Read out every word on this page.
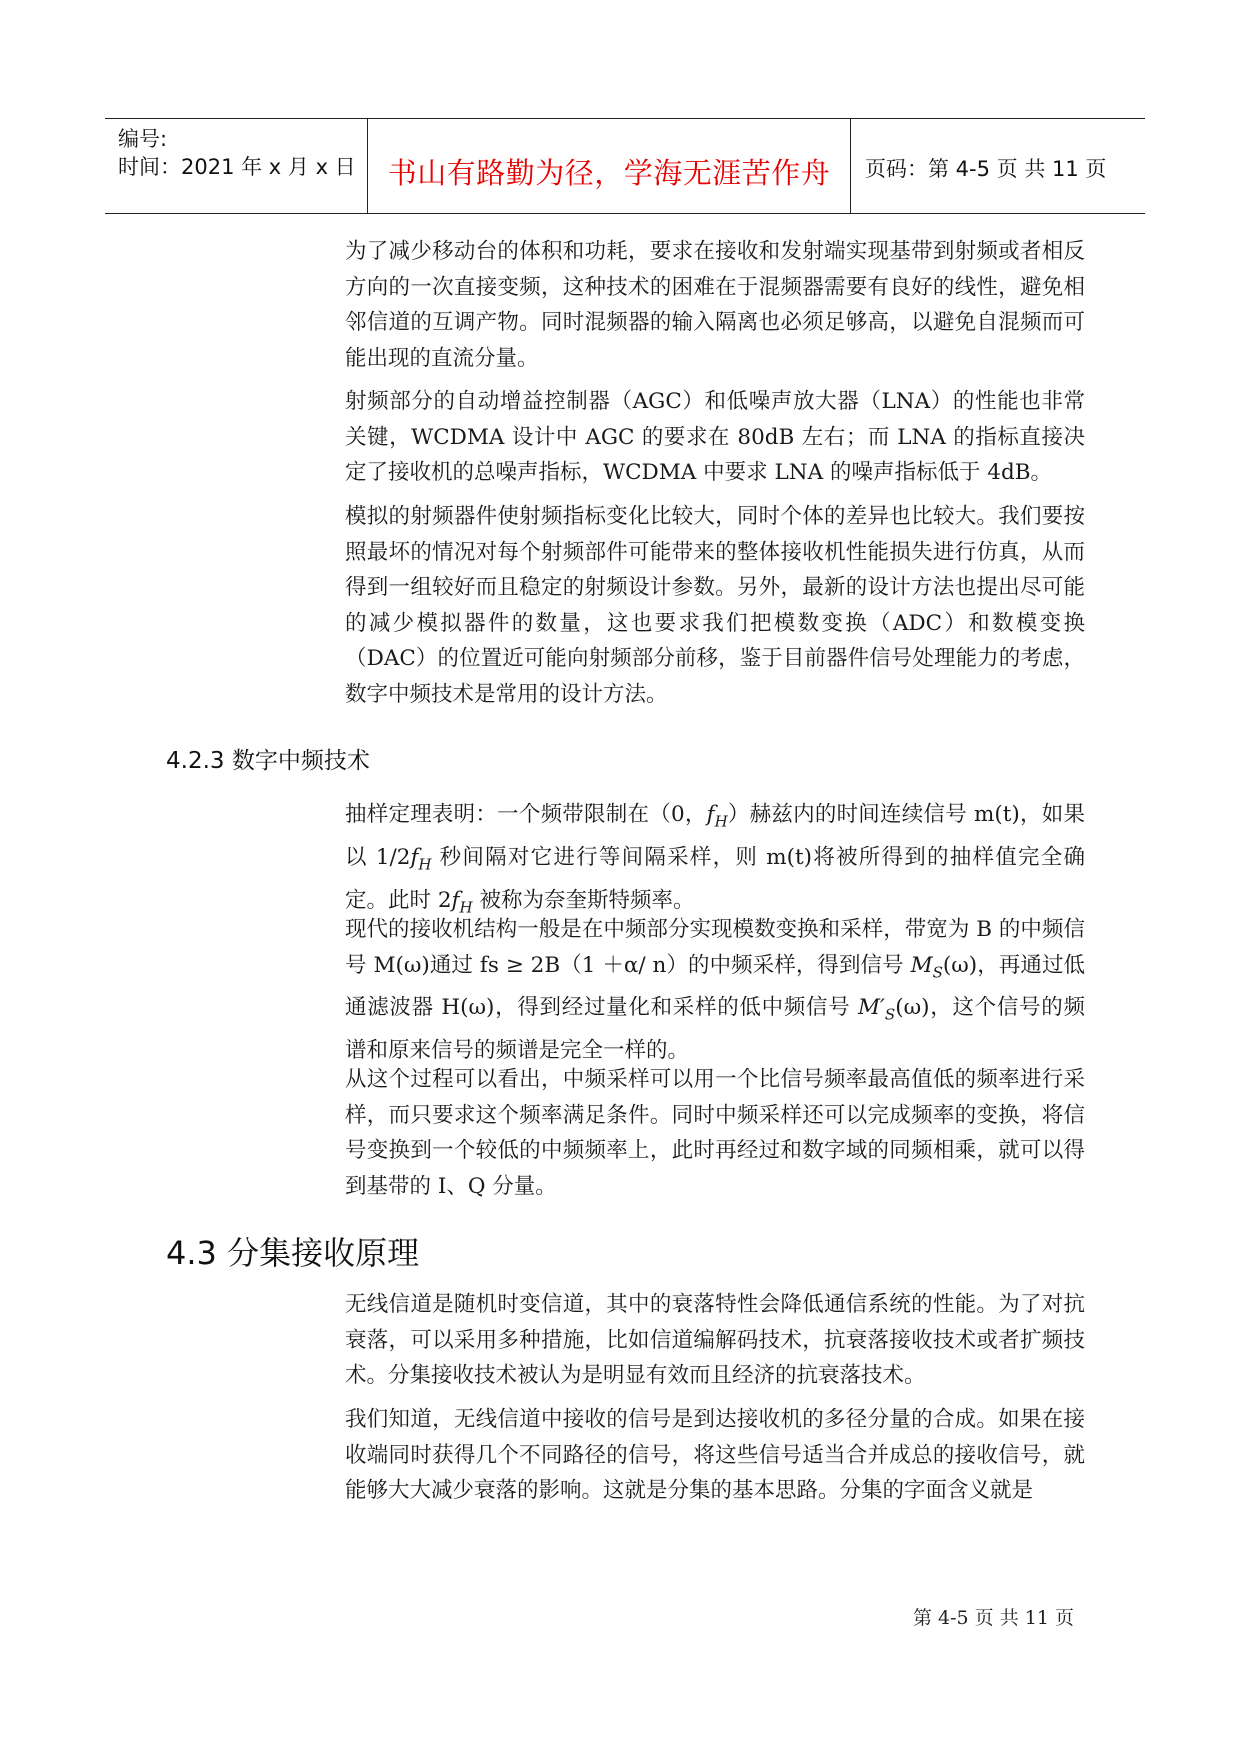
编号:
时间：2021 年 x 月 x 日	书山有路勤为径，学海无涯苦作舟	页码：第 4-5 页 共 11 页

为了减少移动台的体积和功耗，要求在接收和发射端实现基带到射频或者相反方向的一次直接变频，这种技术的困难在于混频器需要有良好的线性，避免相邻信道的互调产物。同时混频器的输入隔离也必须足够高，以避免自混频而可能出现的直流分量。

射频部分的自动增益控制器（AGC）和低噪声放大器（LNA）的性能也非常关键，WCDMA 设计中 AGC 的要求在 80dB 左右；而 LNA 的指标直接决定了接收机的总噪声指标，WCDMA 中要求 LNA 的噪声指标低于 4dB。

模拟的射频器件使射频指标变化比较大，同时个体的差异也比较大。我们要按照最坏的情况对每个射频部件可能带来的整体接收机性能损失进行仿真，从而得到一组较好而且稳定的射频设计参数。另外，最新的设计方法也提出尽可能的减少模拟器件的数量，这也要求我们把模数变换（ADC）和数模变换（DAC）的位置近可能向射频部分前移，鉴于目前器件信号处理能力的考虑，数字中频技术是常用的设计方法。

4.2.3 数字中频技术

抽样定理表明：一个频带限制在（0，$f_H$）赫兹内的时间连续信号 m(t)，如果以 $1/2f_H$ 秒间隔对它进行等间隔采样，则 m(t)将被所得到的抽样值完全确定。此时 $2f_H$ 被称为奈奎斯特频率。

现代的接收机结构一般是在中频部分实现模数变换和采样，带宽为 B 的中频信号 M(ω)通过 fs ≥ 2B（1 ＋α/ n）的中频采样，得到信号 $M_S(\omega)$，再通过低通滤波器 H(ω)，得到经过量化和采样的低中频信号 $M'_S(\omega)$，这个信号的频谱和原来信号的频谱是完全一样的。

从这个过程可以看出，中频采样可以用一个比信号频率最高值低的频率进行采样，而只要求这个频率满足条件。同时中频采样还可以完成频率的变换，将信号变换到一个较低的中频频率上，此时再经过和数字域的同频相乘，就可以得到基带的 I、Q 分量。

4.3 分集接收原理

无线信道是随机时变信道，其中的衰落特性会降低通信系统的性能。为了对抗衰落，可以采用多种措施，比如信道编解码技术，抗衰落接收技术或者扩频技术。分集接收技术被认为是明显有效而且经济的抗衰落技术。

我们知道，无线信道中接收的信号是到达接收机的多径分量的合成。如果在接收端同时获得几个不同路径的信号，将这些信号适当合并成总的接收信号，就能够大大减少衰落的影响。这就是分集的基本思路。分集的字面含义就是

第 4-5 页 共 11 页
